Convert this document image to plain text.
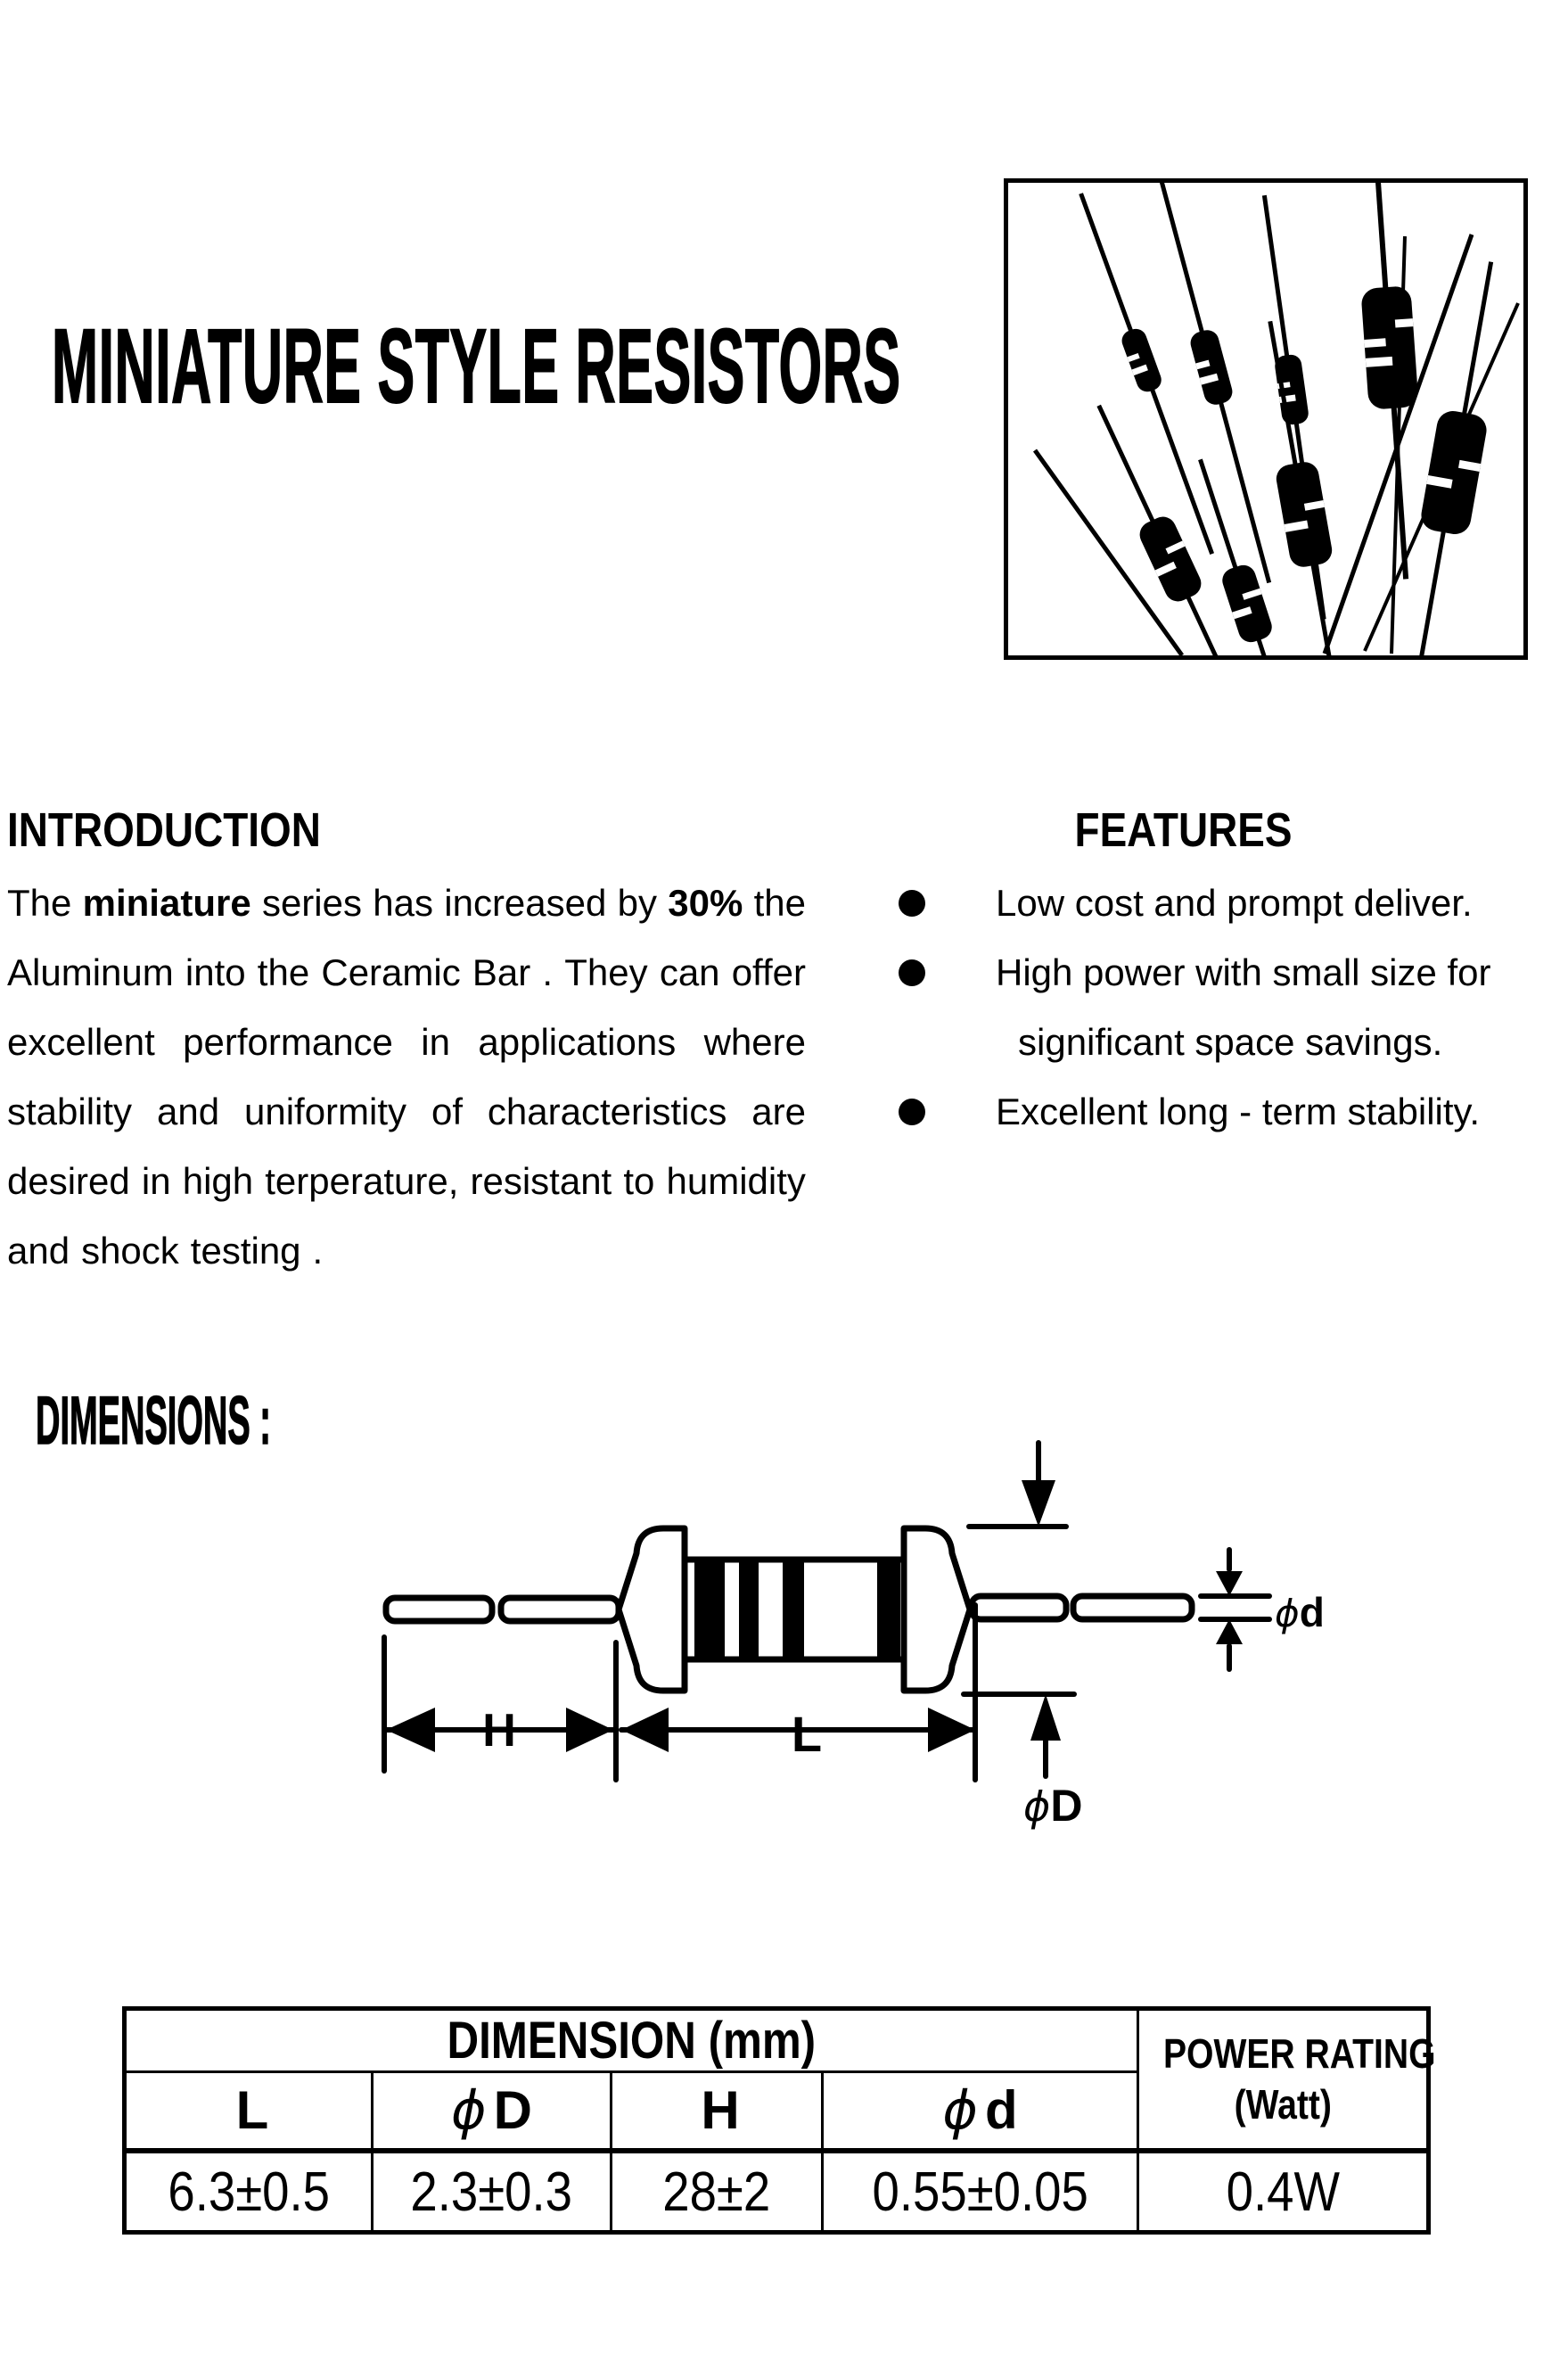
MINIATURE STYLE RESISTORS
INTRODUCTION
The miniature series has increased by 30% the
Aluminum into the Ceramic Bar . They can offer
excellent performance in applications where
stability and uniformity of characteristics are
desired in high terperature, resistant to humidity
and shock testing .
FEATURES
Low cost and prompt deliver.
High power with small size for
significant space savings.
Excellent long - term stability.
DIMENSIONS :
ϕd
H	L
ϕD
DIMENSION (mm)				POWER RATING
(Watt)

L	ϕ D	H	ϕ d	
6.3±0.5	2.3±0.3	28±2	0.55±0.05	0.4W
